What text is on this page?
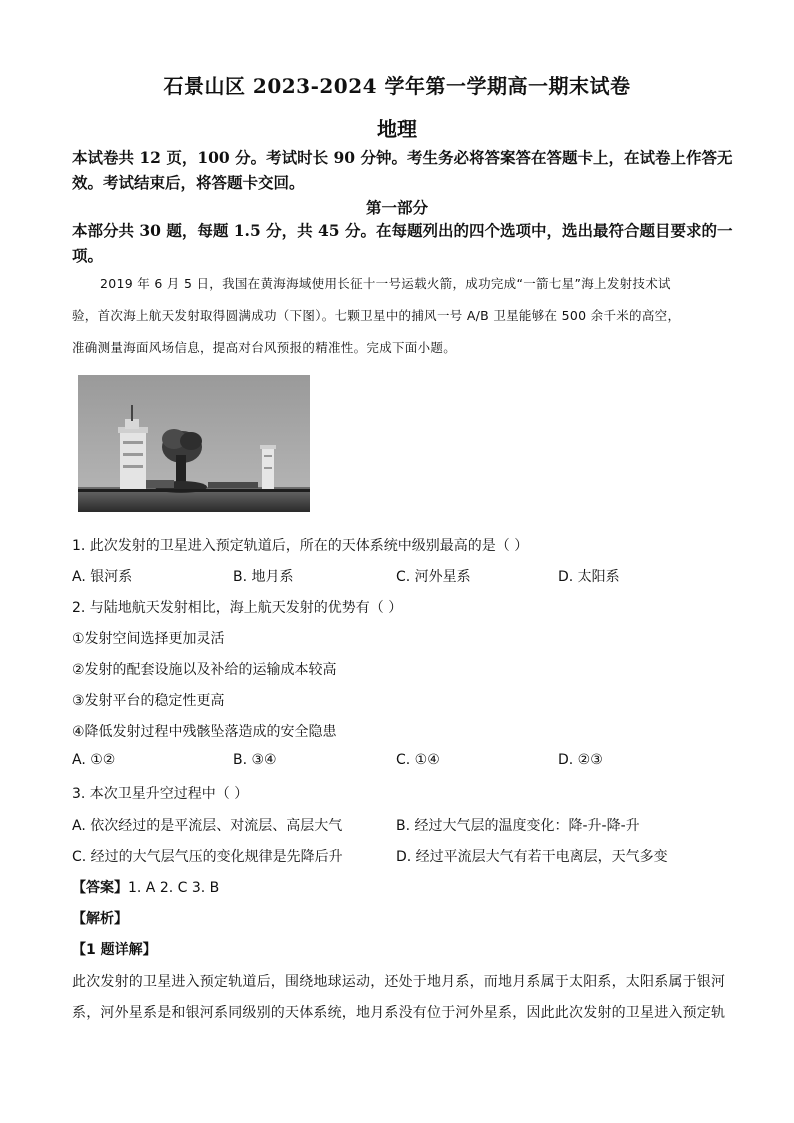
石景山区 2023-2024 学年第一学期高一期末试卷
地理
本试卷共 12 页，100 分。考试时长 90 分钟。考生务必将答案答在答题卡上，在试卷上作答无
效。考试结束后，将答题卡交回。
第一部分
本部分共 30 题，每题 1.5 分，共 45 分。在每题列出的四个选项中，选出最符合题目要求的一
项。
2019 年 6 月 5 日，我国在黄海海域使用长征十一号运载火箭，成功完成“一箭七星”海上发射技术试
验，首次海上航天发射取得圆满成功（下图）。七颗卫星中的捕风一号 A/B 卫星能够在 500 余千米的高空，
准确测量海面风场信息，提高对台风预报的精准性。完成下面小题。
1. 此次发射的卫星进入预定轨道后，所在的天体系统中级别最高的是（ ）
A. 银河系	B. 地月系	C. 河外星系	D. 太阳系
2. 与陆地航天发射相比，海上航天发射的优势有（ ）
①发射空间选择更加灵活
②发射的配套设施以及补给的运输成本较高
③发射平台的稳定性更高
④降低发射过程中残骸坠落造成的安全隐患
A. ①②	B. ③④	C. ①④	D. ②③
3. 本次卫星升空过程中（ ）
A. 依次经过的是平流层、对流层、高层大气	B. 经过大气层的温度变化：降-升-降-升
C. 经过的大气层气压的变化规律是先降后升	D. 经过平流层大气有若干电离层，天气多变
【答案】1. A 2. C 3. B
【解析】
【1 题详解】
此次发射的卫星进入预定轨道后，围绕地球运动，还处于地月系，而地月系属于太阳系，太阳系属于银河
系，河外星系是和银河系同级别的天体系统，地月系没有位于河外星系，因此此次发射的卫星进入预定轨
